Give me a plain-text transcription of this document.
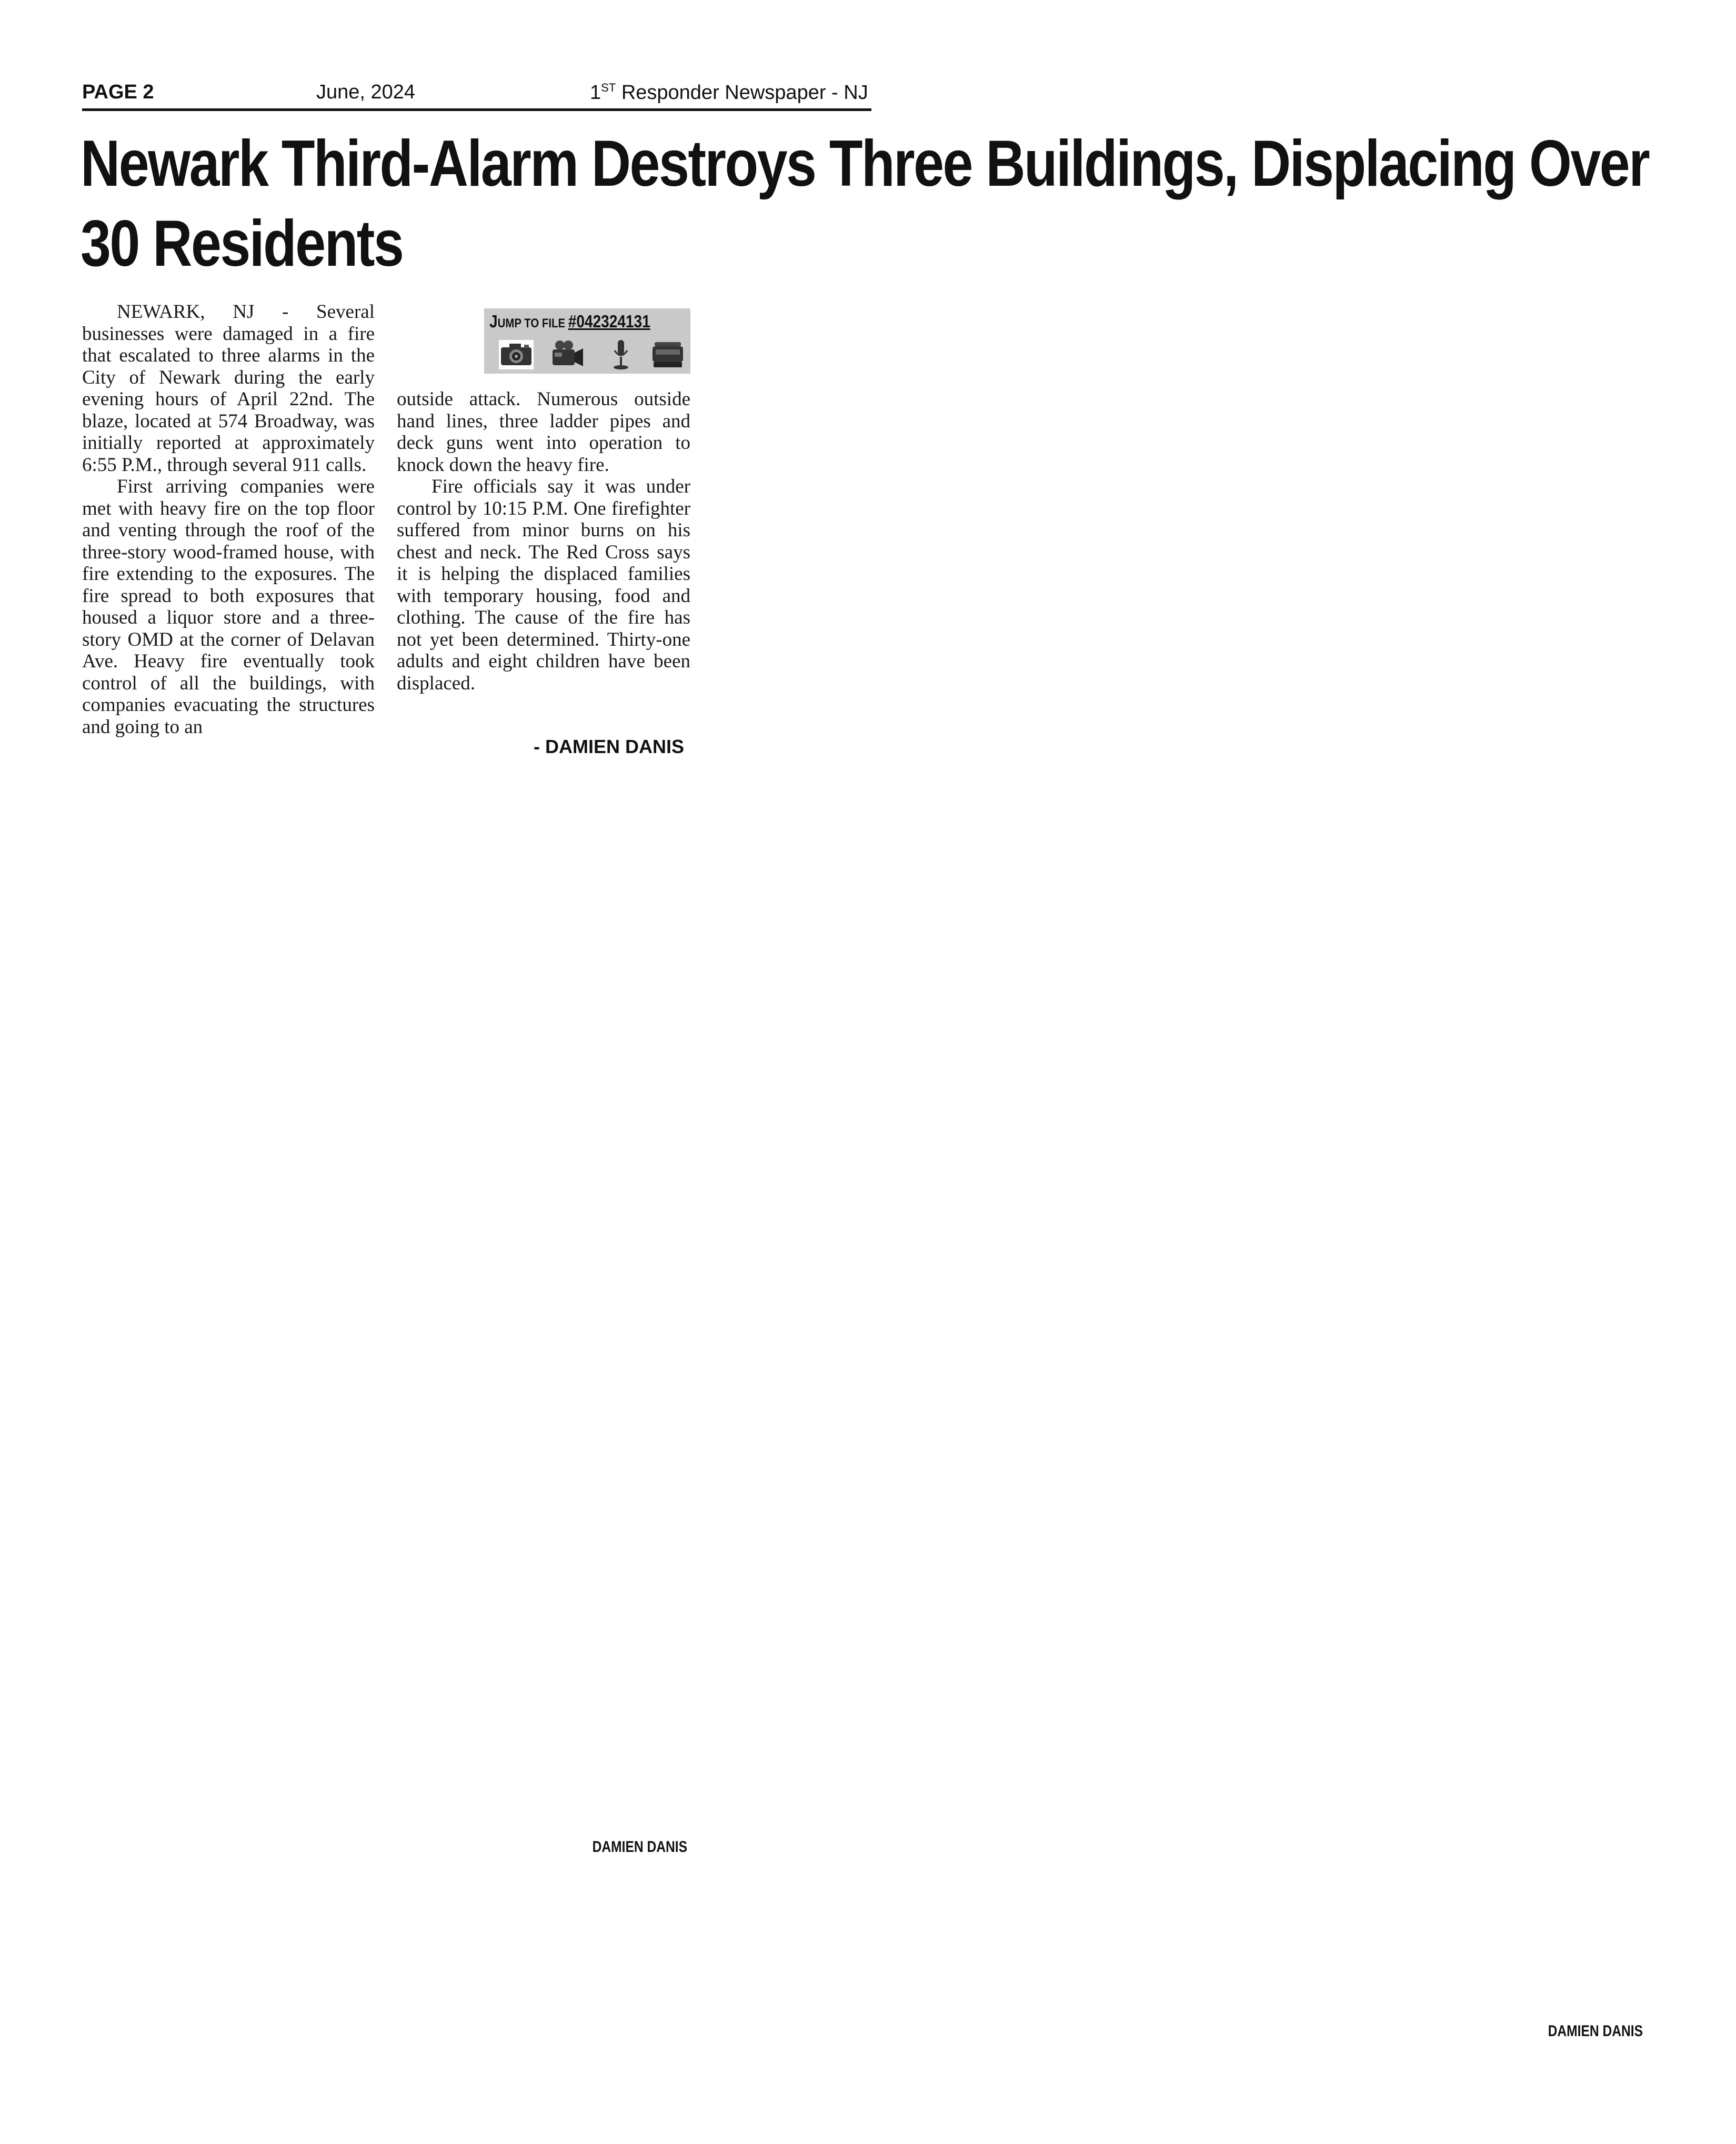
PAGE 2	June, 2024	1ST Responder Newspaper - NJ
Newark Third-Alarm Destroys Three Buildings, Displacing Over 30 Residents

NEWARK, NJ - Several businesses were damaged in a fire that escalated to three alarms in the City of Newark during the early evening hours of April 22nd. The blaze, located at 574 Broadway, was initially reported at approximately 6:55 P.M., through several 911 calls.

First arriving companies were met with heavy fire on the top floor and venting through the roof of the three-story wood-framed house, with fire extending to the exposures. The fire spread to both exposures that housed a liquor store and a three-story OMD at the corner of Delavan Ave. Heavy fire eventually took control of all the buildings, with companies evacuating the structures and going to an

JUMP TO FILE #042324131

outside attack. Numerous outside hand lines, three ladder pipes and deck guns went into operation to knock down the heavy fire.

Fire officials say it was under control by 10:15 P.M. One firefighter suffered from minor burns on his chest and neck. The Red Cross says it is helping the displaced families with temporary housing, food and clothing. The cause of the fire has not yet been determined. Thirty-one adults and eight children have been displaced.

- DAMIEN DANIS
DAMIEN DANIS
DAMIEN DANIS
